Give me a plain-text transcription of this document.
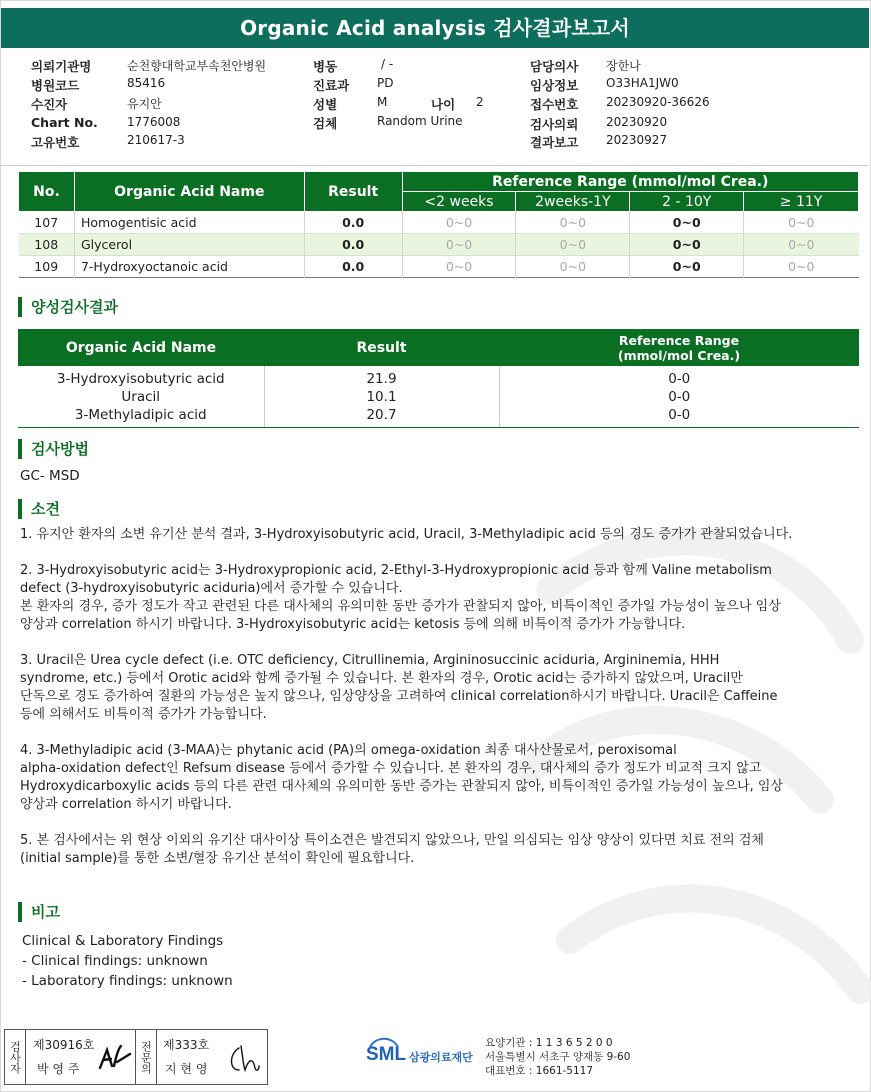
Organic Acid analysis 검사결과보고서
의뢰기관명	순천향대학교부속천안병원
병원코드	85416
수진자	유지안
Chart No. 1776008
고유번호	210617-3
병동	/ -
진료과 PD
성별	M	나이 2
검체	Random Urine
담당의사 장한나
임상정보 O33HA1JW0
접수번호 20230920-36626
검사의뢰 20230920
결과보고 20230927
No.	Organic Acid Name	Result	Reference Range (mmol/mol Crea.)			
			<2 weeks	2weeks-1Y	2 - 10Y	≥ 11Y
107	Homogentisic acid	0.0	0~0	0~0	0~0	0~0
108	Glycerol	0.0	0~0	0~0	0~0	0~0
109	7-Hydroxyoctanoic acid	0.0	0~0	0~0	0~0	0~0
양성검사결과
Organic Acid Name	Result	Reference Range
(mmol/mol Crea.)

3-Hydroxyisobutyric acid	21.9	0-0
Uracil	10.1	0-0
3-Methyladipic acid	20.7	0-0
검사방법
GC- MSD
소견
1. 유지안 환자의 소변 유기산 분석 결과, 3-Hydroxyisobutyric acid, Uracil, 3-Methyladipic acid 등의 경도 증가가 관찰되었습니다.
2. 3-Hydroxyisobutyric acid는 3-Hydroxypropionic acid, 2-Ethyl-3-Hydroxypropionic acid 등과 함께 Valine metabolism
defect (3-hydroxyisobutyric aciduria)에서 증가할 수 있습니다.
본 환자의 경우, 증가 정도가 작고 관련된 다른 대사체의 유의미한 동반 증가가 관찰되지 않아, 비특이적인 증가일 가능성이 높으나 임상
양상과 correlation 하시기 바랍니다. 3-Hydroxyisobutyric acid는 ketosis 등에 의해 비특이적 증가가 가능합니다.
3. Uracil은 Urea cycle defect (i.e. OTC deficiency, Citrullinemia, Argininosuccinic aciduria, Argininemia, HHH
syndrome, etc.) 등에서 Orotic acid와 함께 증가될 수 있습니다. 본 환자의 경우, Orotic acid는 증가하지 않았으며, Uracil만
단독으로 경도 증가하여 질환의 가능성은 높지 않으나, 임상양상을 고려하여 clinical correlation하시기 바랍니다. Uracil은 Caffeine
등에 의해서도 비특이적 증가가 가능합니다.
4. 3-Methyladipic acid (3-MAA)는 phytanic acid (PA)의 omega-oxidation 최종 대사산물로서, peroxisomal
alpha-oxidation defect인 Refsum disease 등에서 증가할 수 있습니다. 본 환자의 경우, 대사체의 증가 정도가 비교적 크지 않고
Hydroxydicarboxylic acids 등의 다른 관련 대사체의 유의미한 동반 증가는 관찰되지 않아, 비특이적인 증가일 가능성이 높으나, 임상
양상과 correlation 하시기 바랍니다.
5. 본 검사에서는 위 현상 이외의 유기산 대사이상 특이소견은 발견되지 않았으나, 만일 의심되는 임상 양상이 있다면 치료 전의 검체
(initial sample)를 통한 소변/혈장 유기산 분석이 확인에 필요합니다.
비고
Clinical & Laboratory Findings
- Clinical findings: unknown
- Laboratory findings: unknown
검사자 제30916호
박 영 주	전문의 제333호
지 현 영
SML 삼광의료재단
요양기관 : 1 1 3 6 5 2 0 0
서울특별시 서초구 양재동 9-60
대표번호 : 1661-5117
